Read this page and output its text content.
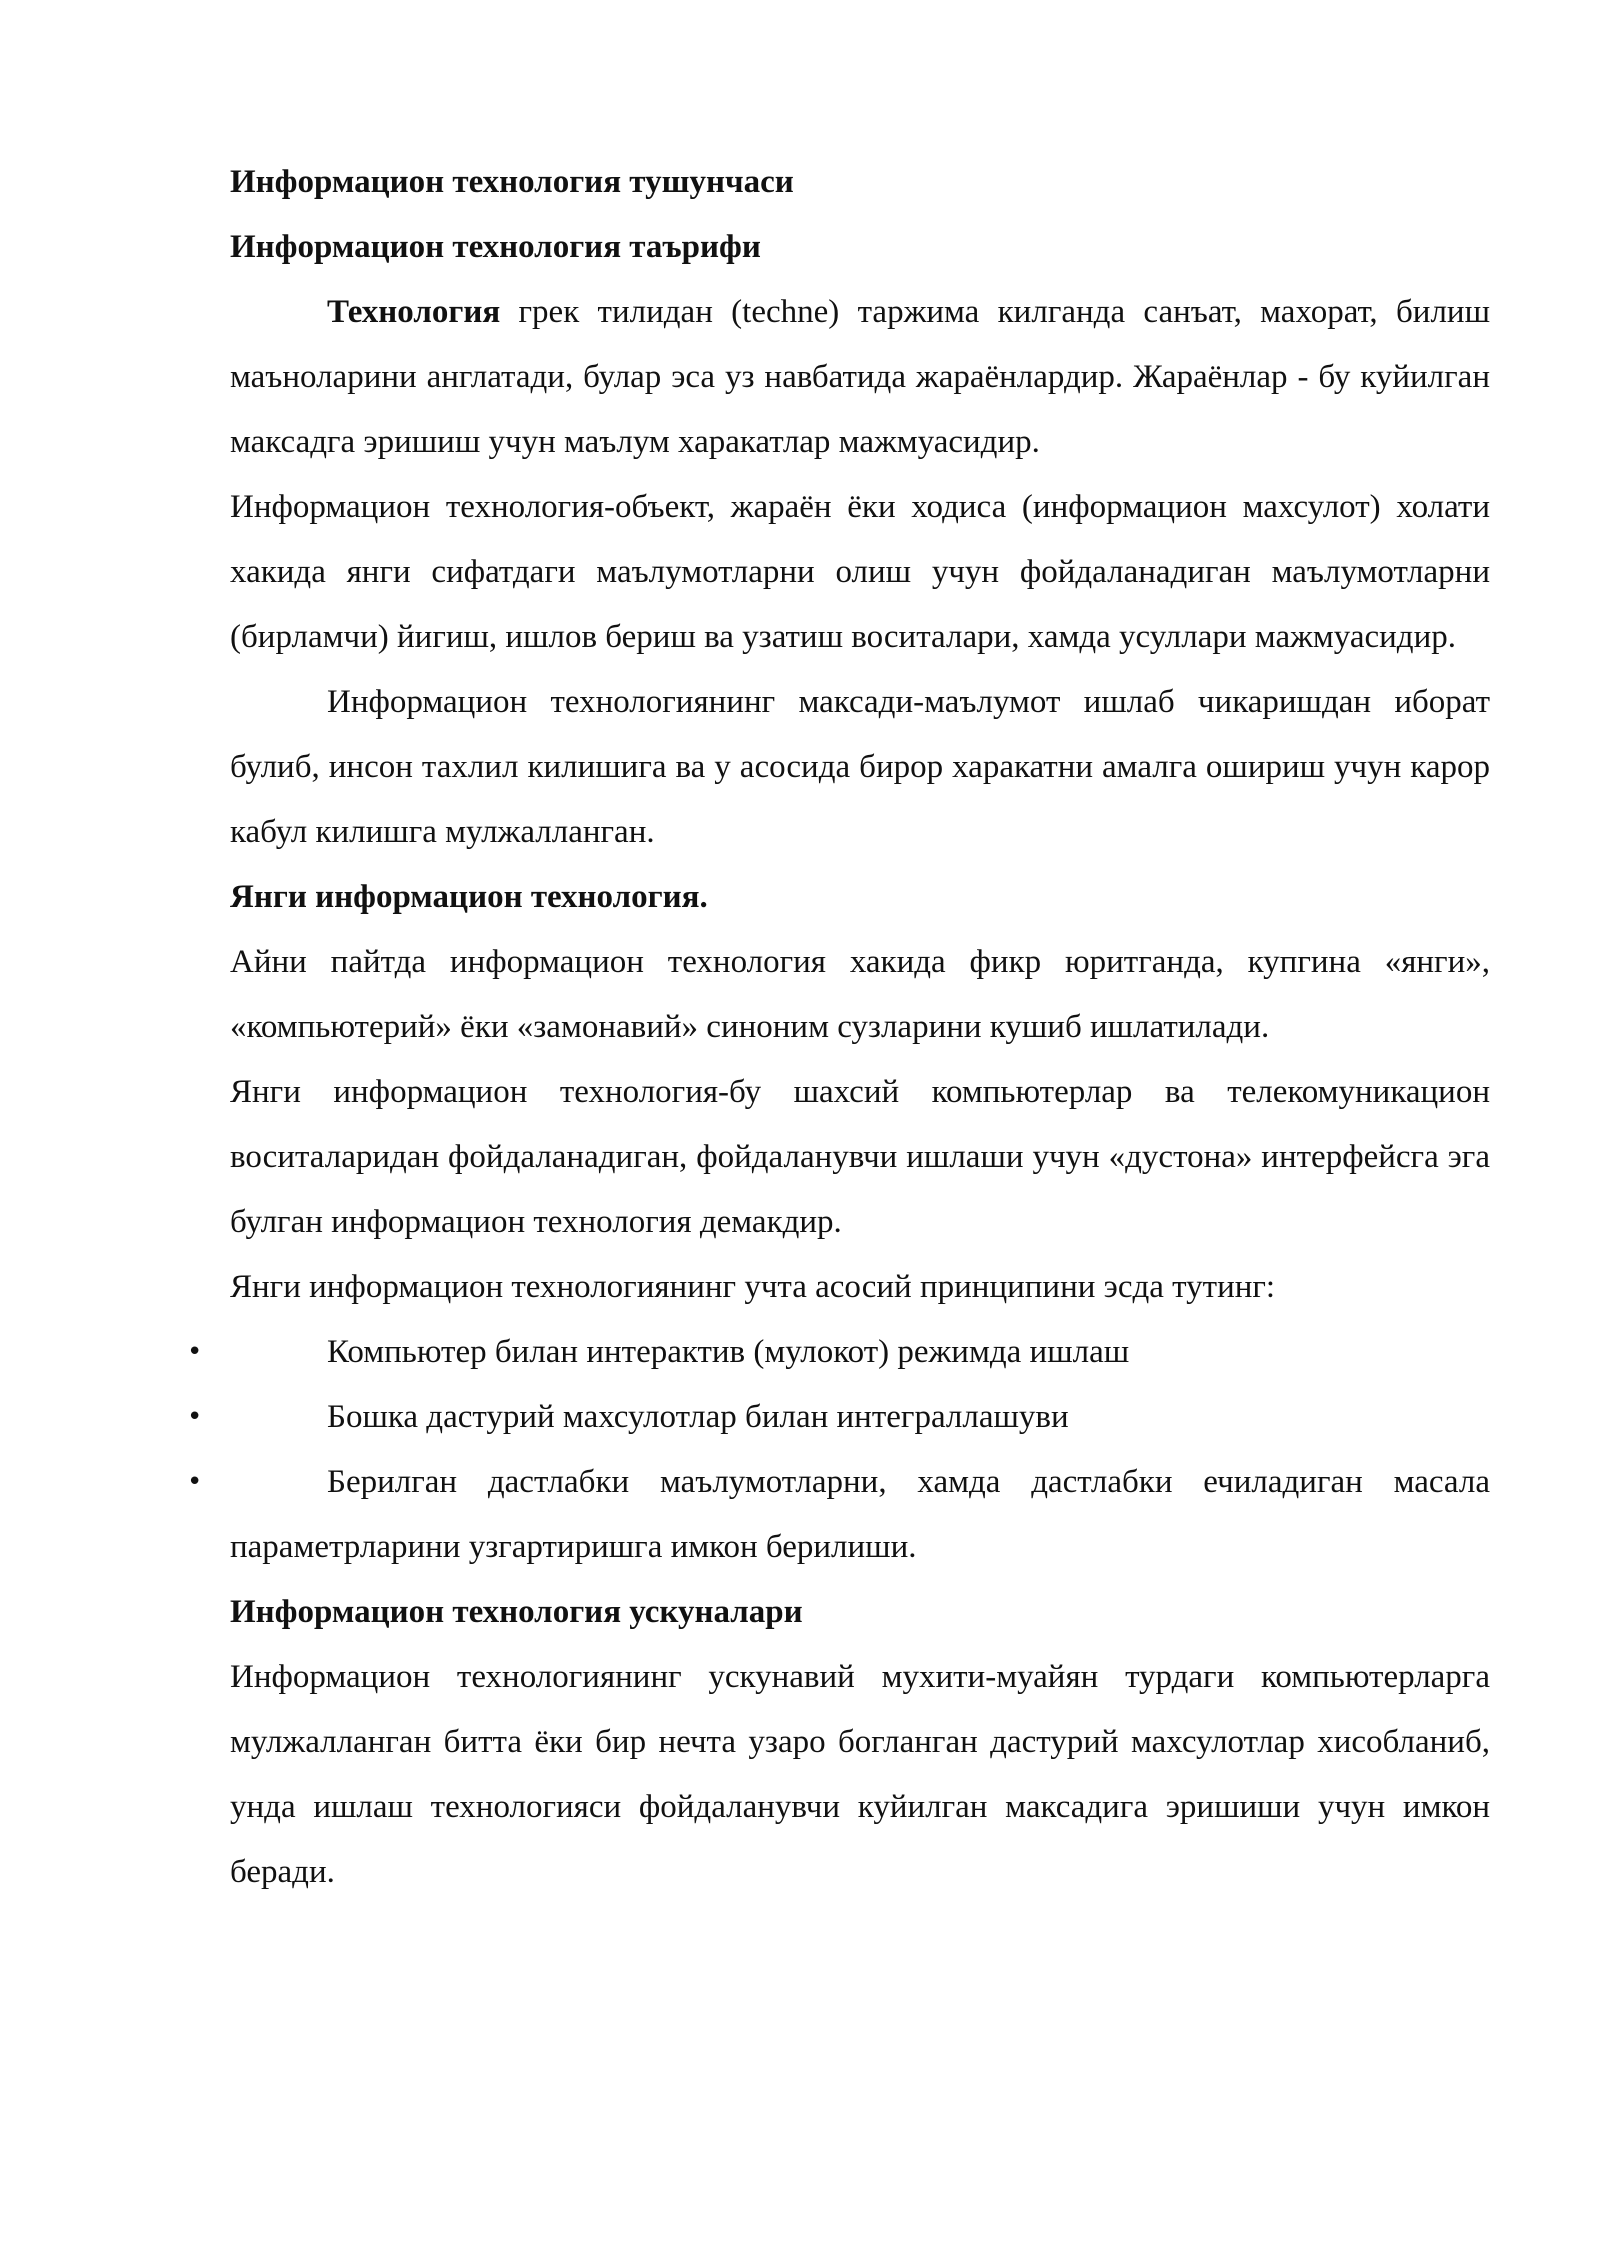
Информацион технология тушунчаси
Информацион технология таърифи

Технология грек тилидан (techne) таржима килганда санъат, махорат, билиш маъноларини англатади, булар эса уз навбатида жараёнлардир. Жараёнлар - бу куйилган максадга эришиш учун маълум харакатлар мажмуасидир.

Информацион технология-объект, жараён ёки ходиса (информацион махсулот) холати хакида янги сифатдаги маълумотларни олиш учун фойдаланадиган маълумотларни (бирламчи) йигиш, ишлов бериш ва узатиш воситалари, хамда усуллари мажмуасидир.

Информацион технологиянинг максади-маълумот ишлаб чикаришдан иборат булиб, инсон тахлил килишига ва у асосида бирор харакатни амалга ошириш учун карор кабул килишга мулжалланган.

Янги информацион технология.

Айни пайтда информацион технология хакида фикр юритганда, купгина «янги», «компьютерий» ёки «замонавий» синоним сузларини кушиб ишлатилади.

Янги информацион технология-бу шахсий компьютерлар ва телекомуникацион воситаларидан фойдаланадиган, фойдаланувчи ишлаши учун «дустона» интерфейсга эга булган информацион технология демакдир.

Янги информацион технологиянинг учта асосий принципини эсда тутинг:

•	Компьютер билан интерактив (мулокот) режимда ишлаш
•	Бошка дастурий махсулотлар билан интеграллашуви
•	Берилган дастлабки маълумотларни, хамда дастлабки ечиладиган масала параметрларини узгартиришга имкон берилиши.
Информацион технология ускуналари

Информацион технологиянинг ускунавий мухити-муайян турдаги компьютерларга мулжалланган битта ёки бир нечта узаро богланган дастурий махсулотлар хисобланиб, унда ишлаш технологияси фойдаланувчи куйилган максадига эришиши учун имкон беради.
